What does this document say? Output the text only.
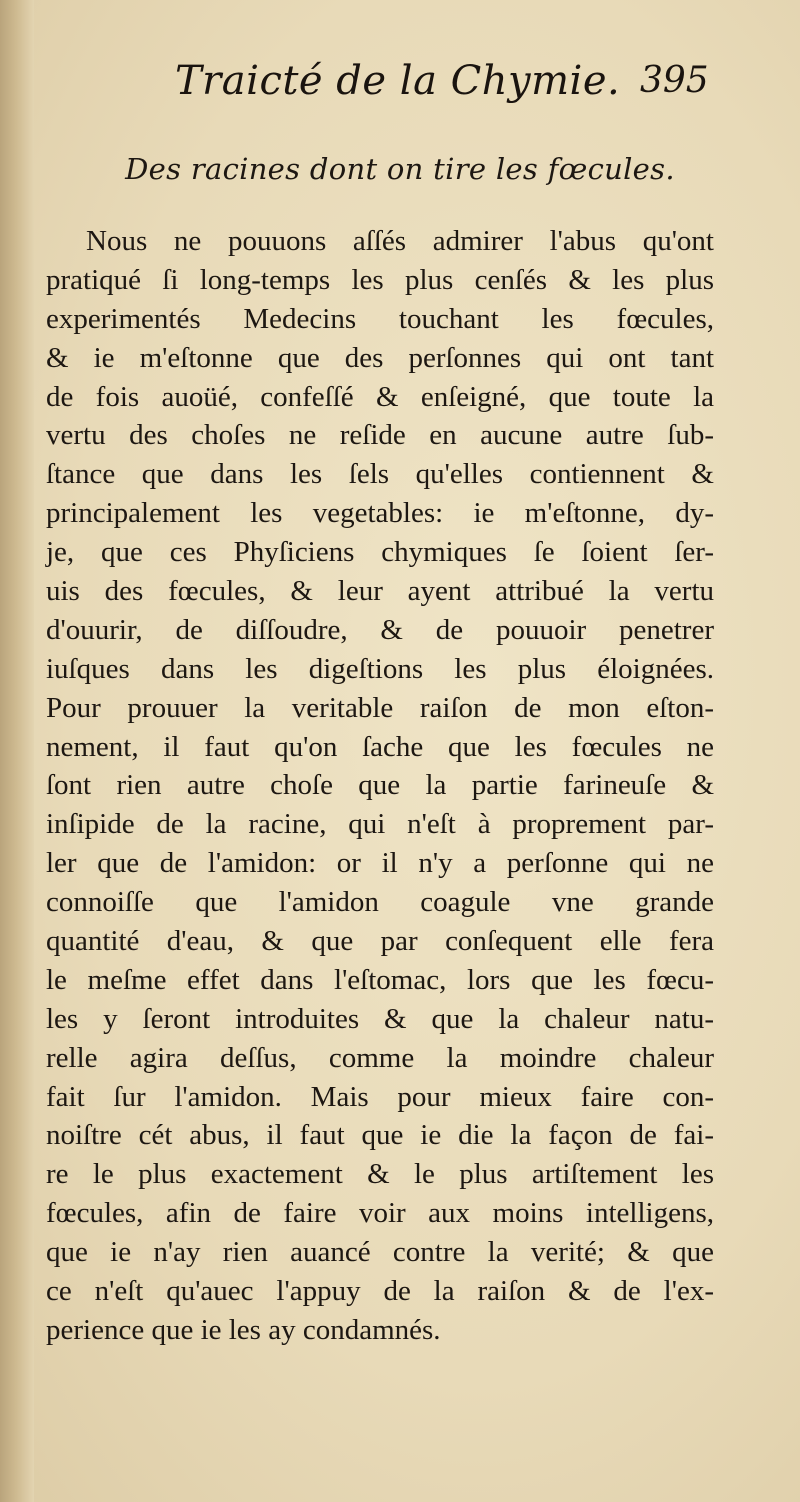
Traicté de la Chymie. 395
Des racines dont on tire les fœcules.
Nous ne pouuons aſſés admirer l'abus qu'ont
pratiqué ſi long-temps les plus cenſés & les plus
experimentés Medecins touchant les fœcules,
& ie m'eſtonne que des perſonnes qui ont tant
de fois auoüé, confeſſé & enſeigné, que toute la
vertu des choſes ne reſide en aucune autre ſub-
ſtance que dans les ſels qu'elles contiennent &
principalement les vegetables: ie m'eſtonne, dy-
je, que ces Phyſiciens chymiques ſe ſoient ſer-
uis des fœcules, & leur ayent attribué la vertu
d'ouurir, de diſſoudre, & de pouuoir penetrer
iuſques dans les digeſtions les plus éloignées.
Pour prouuer la veritable raiſon de mon eſton-
nement, il faut qu'on ſache que les fœcules ne
ſont rien autre choſe que la partie farineuſe &
inſipide de la racine, qui n'eſt à proprement par-
ler que de l'amidon: or il n'y a perſonne qui ne
connoiſſe que l'amidon coagule vne grande
quantité d'eau, & que par conſequent elle fera
le meſme effet dans l'eſtomac, lors que les fœcu-
les y ſeront introduites & que la chaleur natu-
relle agira deſſus, comme la moindre chaleur
fait ſur l'amidon. Mais pour mieux faire con-
noiſtre cét abus, il faut que ie die la façon de fai-
re le plus exactement & le plus artiſtement les
fœcules, afin de faire voir aux moins intelligens,
que ie n'ay rien auancé contre la verité; & que
ce n'eſt qu'auec l'appuy de la raiſon & de l'ex-
perience que ie les ay condamnés.
